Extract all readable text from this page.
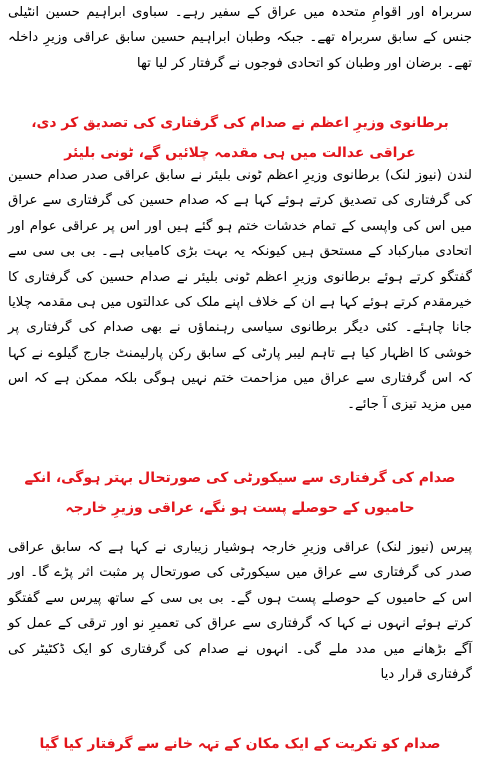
سربراہ اور اقوامِ متحدہ میں عراق کے سفیر رہے۔ سباوی ابراہیم حسین انٹیلی جنس کے سابق سربراہ تھے۔ جبکہ وطبان ابراہیم حسین سابق عراقی وزیرِ داخلہ تھے۔ برضان اور وطبان کو اتحادی فوجوں نے گرفتار کر لیا تھا

برطانوی وزیرِ اعظم نے صدام کی گرفتاری کی تصدیق کر دی، عراقی عدالت میں ہی مقدمہ چلائیں گے، ٹونی بلیئر

لندن (نیوز لنک) برطانوی وزیرِ اعظم ٹونی بلیئر نے سابق عراقی صدر صدام حسین کی گرفتاری کی تصدیق کرتے ہوئے کہا ہے کہ صدام حسین کی گرفتاری سے عراق میں اس کی واپسی کے تمام خدشات ختم ہو گئے ہیں اور اس پر عراقی عوام اور اتحادی مبارکباد کے مستحق ہیں کیونکہ یہ بہت بڑی کامیابی ہے۔ بی بی سی سے گفتگو کرتے ہوئے برطانوی وزیرِ اعظم ٹونی بلیئر نے صدام حسین کی گرفتاری کا خیرمقدم کرتے ہوئے کہا ہے ان کے خلاف اپنے ملک کی عدالتوں میں ہی مقدمہ چلایا جانا چاہئے۔ کئی دیگر برطانوی سیاسی رہنماؤں نے بھی صدام کی گرفتاری پر خوشی کا اظہار کیا ہے تاہم لیبر پارٹی کے سابق رکن پارلیمنٹ جارج گیلوے نے کہا کہ اس گرفتاری سے عراق میں مزاحمت ختم نہیں ہوگی بلکہ ممکن ہے کہ اس میں مزید تیزی آ جائے۔

صدام کی گرفتاری سے سیکورٹی کی صورتحال بہتر ہوگی، انکے حامیوں کے حوصلے پست ہو نگے، عراقی وزیرِ خارجہ

پیرس (نیوز لنک) عراقی وزیرِ خارجہ ہوشیار زیباری نے کہا ہے کہ سابق عراقی صدر کی گرفتاری سے عراق میں سیکورٹی کی صورتحال پر مثبت اثر پڑے گا۔ اور اس کے حامیوں کے حوصلے پست ہوں گے۔ بی بی سی کے ساتھ پیرس سے گفتگو کرتے ہوئے انہوں نے کہا کہ گرفتاری سے عراق کی تعمیرِ نو اور ترقی کے عمل کو آگے بڑھانے میں مدد ملے گی۔ انہوں نے صدام کی گرفتاری کو ایک ڈکٹیٹر کی گرفتاری قرار دیا

صدام کو تکریت کے ایک مکان کے تہہ خانے سے گرفتار کیا گیا
